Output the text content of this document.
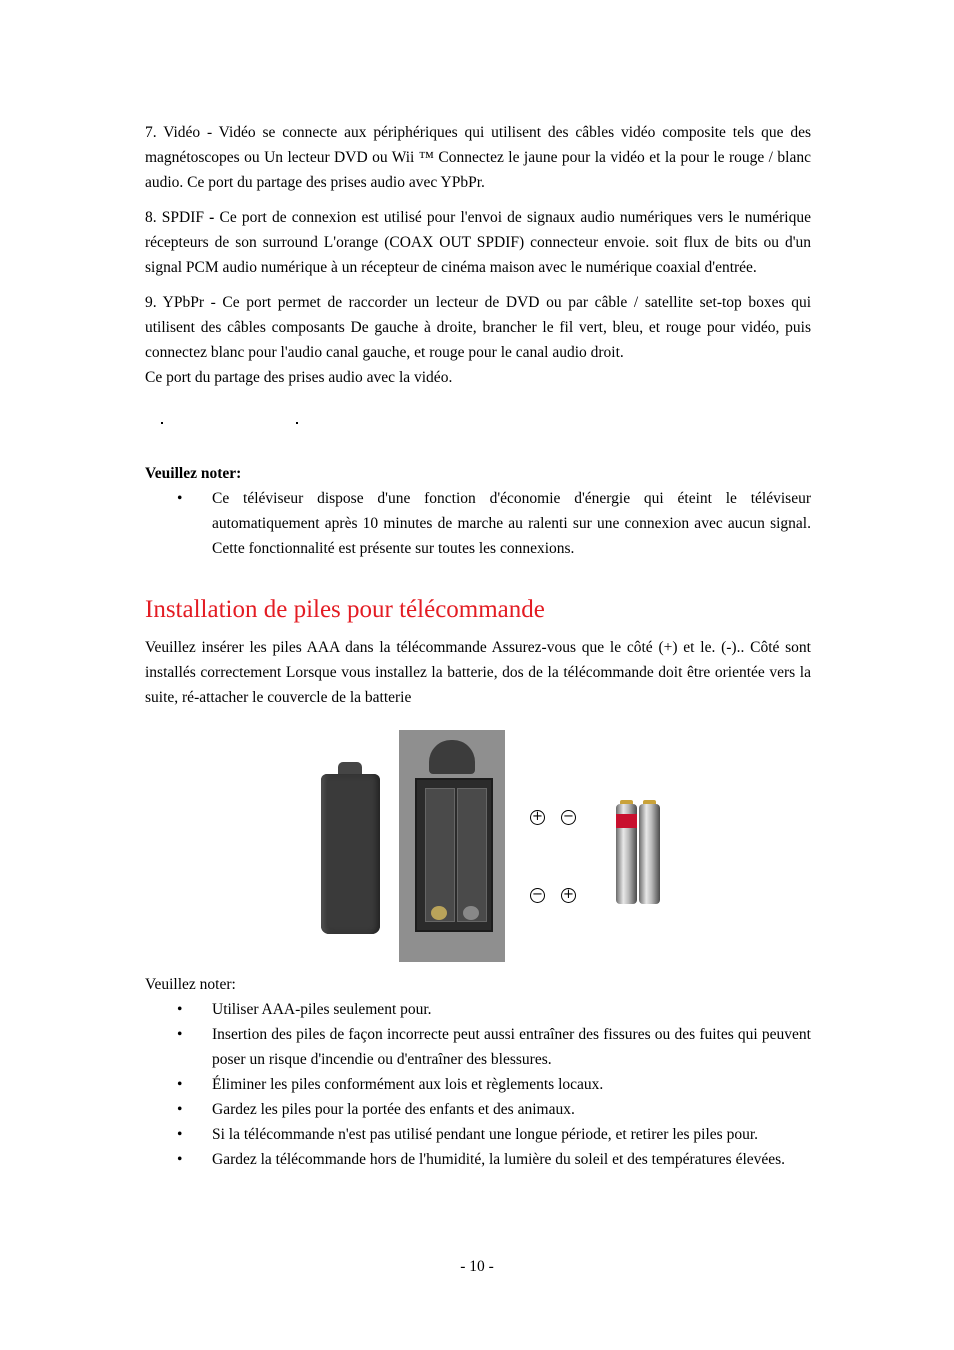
7. Vidéo - Vidéo se connecte aux périphériques qui utilisent des câbles vidéo composite tels que des magnétoscopes ou Un lecteur DVD ou Wii ™ Connectez le jaune pour la vidéo et la pour le rouge / blanc audio. Ce port du partage des prises audio avec YPbPr.

8. SPDIF - Ce port de connexion est utilisé pour l'envoi de signaux audio numériques vers le numérique récepteurs de son surround L'orange (COAX OUT SPDIF) connecteur envoie. soit flux de bits ou d'un signal PCM audio numérique à un récepteur de cinéma maison avec le numérique coaxial d'entrée.

9. YPbPr - Ce port permet de raccorder un lecteur de DVD ou par câble / satellite set-top boxes qui utilisent des câbles composants De gauche à droite, brancher le fil vert, bleu, et rouge pour vidéo, puis connectez blanc pour l'audio canal gauche, et rouge pour le canal audio droit.

Ce port du partage des prises audio avec la vidéo.

Veuillez noter:

• Ce téléviseur dispose d'une fonction d'économie d'énergie qui éteint le téléviseur automatiquement après 10 minutes de marche au ralenti sur une connexion avec aucun signal. Cette fonctionnalité est présente sur toutes les connexions.
Installation de piles pour télécommande

Veuillez insérer les piles AAA dans la télécommande Assurez-vous que le côté (+) et le. (-).. Côté sont installés correctement Lorsque vous installez la batterie, dos de la télécommande doit être orientée vers la suite, ré-attacher le couvercle de la batterie

+ −
− +

Veuillez noter:

• Utiliser AAA-piles seulement pour.
• Insertion des piles de façon incorrecte peut aussi entraîner des fissures ou des fuites qui peuvent poser un risque d'incendie ou d'entraîner des blessures.
• Éliminer les piles conformément aux lois et règlements locaux.
• Gardez les piles pour la portée des enfants et des animaux.
• Si la télécommande n'est pas utilisé pendant une longue période, et retirer les piles pour.
• Gardez la télécommande hors de l'humidité, la lumière du soleil et des températures élevées.
- 10 -
